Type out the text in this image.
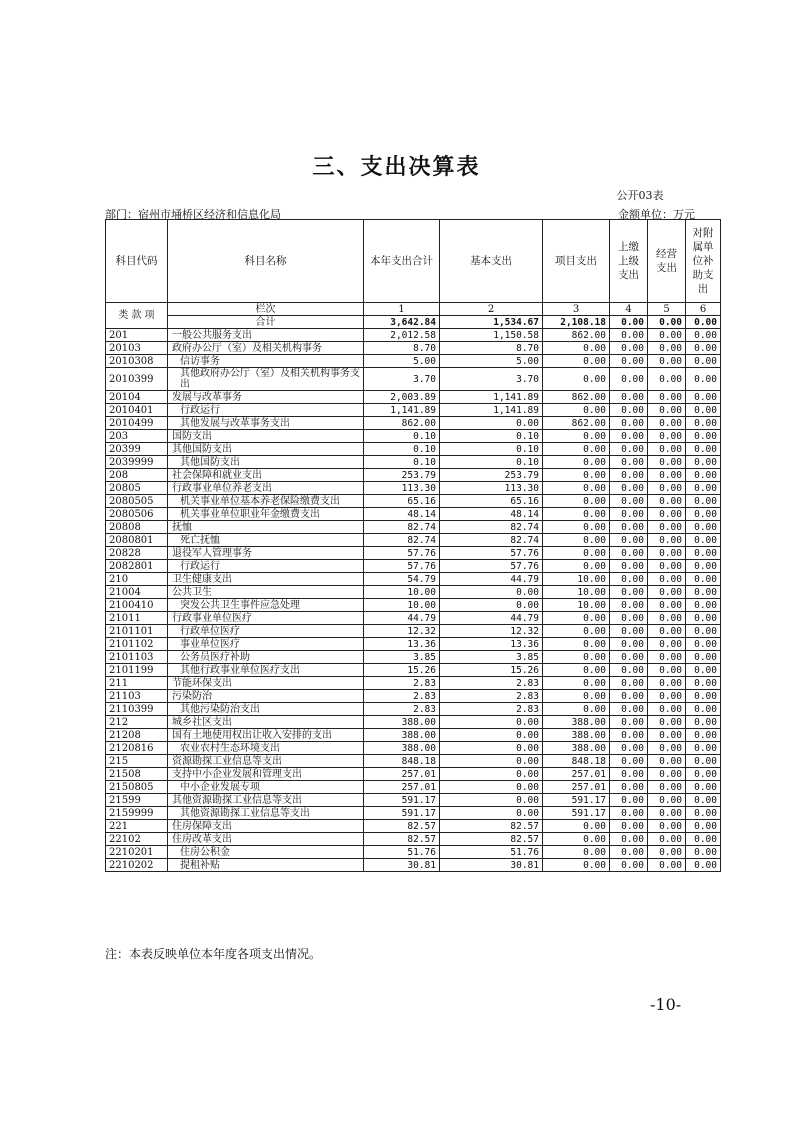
三、支出决算表
公开03表
部门：宿州市埇桥区经济和信息化局	金额单位：万元
科目代码	科目名称	本年支出合计	基本支出	项目支出	上缴上级支出	经营支出	对附属单位补助支出
类 款 项	栏次	1	2	3	4	5	6
	合计	3,642.84	1,534.67	2,108.18	0.00	0.00	0.00
201	一般公共服务支出	2,012.58	1,150.58	862.00	0.00	0.00	0.00
20103	政府办公厅（室）及相关机构事务	8.70	8.70	0.00	0.00	0.00	0.00
2010308	信访事务	5.00	5.00	0.00	0.00	0.00	0.00
2010399	其他政府办公厅（室）及相关机构事务支出	3.70	3.70	0.00	0.00	0.00	0.00
20104	发展与改革事务	2,003.89	1,141.89	862.00	0.00	0.00	0.00
2010401	行政运行	1,141.89	1,141.89	0.00	0.00	0.00	0.00
2010499	其他发展与改革事务支出	862.00	0.00	862.00	0.00	0.00	0.00
203	国防支出	0.10	0.10	0.00	0.00	0.00	0.00
20399	其他国防支出	0.10	0.10	0.00	0.00	0.00	0.00
2039999	其他国防支出	0.10	0.10	0.00	0.00	0.00	0.00
208	社会保障和就业支出	253.79	253.79	0.00	0.00	0.00	0.00
20805	行政事业单位养老支出	113.30	113.30	0.00	0.00	0.00	0.00
2080505	机关事业单位基本养老保险缴费支出	65.16	65.16	0.00	0.00	0.00	0.00
2080506	机关事业单位职业年金缴费支出	48.14	48.14	0.00	0.00	0.00	0.00
20808	抚恤	82.74	82.74	0.00	0.00	0.00	0.00
2080801	死亡抚恤	82.74	82.74	0.00	0.00	0.00	0.00
20828	退役军人管理事务	57.76	57.76	0.00	0.00	0.00	0.00
2082801	行政运行	57.76	57.76	0.00	0.00	0.00	0.00
210	卫生健康支出	54.79	44.79	10.00	0.00	0.00	0.00
21004	公共卫生	10.00	0.00	10.00	0.00	0.00	0.00
2100410	突发公共卫生事件应急处理	10.00	0.00	10.00	0.00	0.00	0.00
21011	行政事业单位医疗	44.79	44.79	0.00	0.00	0.00	0.00
2101101	行政单位医疗	12.32	12.32	0.00	0.00	0.00	0.00
2101102	事业单位医疗	13.36	13.36	0.00	0.00	0.00	0.00
2101103	公务员医疗补助	3.85	3.85	0.00	0.00	0.00	0.00
2101199	其他行政事业单位医疗支出	15.26	15.26	0.00	0.00	0.00	0.00
211	节能环保支出	2.83	2.83	0.00	0.00	0.00	0.00
21103	污染防治	2.83	2.83	0.00	0.00	0.00	0.00
2110399	其他污染防治支出	2.83	2.83	0.00	0.00	0.00	0.00
212	城乡社区支出	388.00	0.00	388.00	0.00	0.00	0.00
21208	国有土地使用权出让收入安排的支出	388.00	0.00	388.00	0.00	0.00	0.00
2120816	农业农村生态环境支出	388.00	0.00	388.00	0.00	0.00	0.00
215	资源勘探工业信息等支出	848.18	0.00	848.18	0.00	0.00	0.00
21508	支持中小企业发展和管理支出	257.01	0.00	257.01	0.00	0.00	0.00
2150805	中小企业发展专项	257.01	0.00	257.01	0.00	0.00	0.00
21599	其他资源勘探工业信息等支出	591.17	0.00	591.17	0.00	0.00	0.00
2159999	其他资源勘探工业信息等支出	591.17	0.00	591.17	0.00	0.00	0.00
221	住房保障支出	82.57	82.57	0.00	0.00	0.00	0.00
22102	住房改革支出	82.57	82.57	0.00	0.00	0.00	0.00
2210201	住房公积金	51.76	51.76	0.00	0.00	0.00	0.00
2210202	提租补贴	30.81	30.81	0.00	0.00	0.00	0.00
注：本表反映单位本年度各项支出情况。
-10-
